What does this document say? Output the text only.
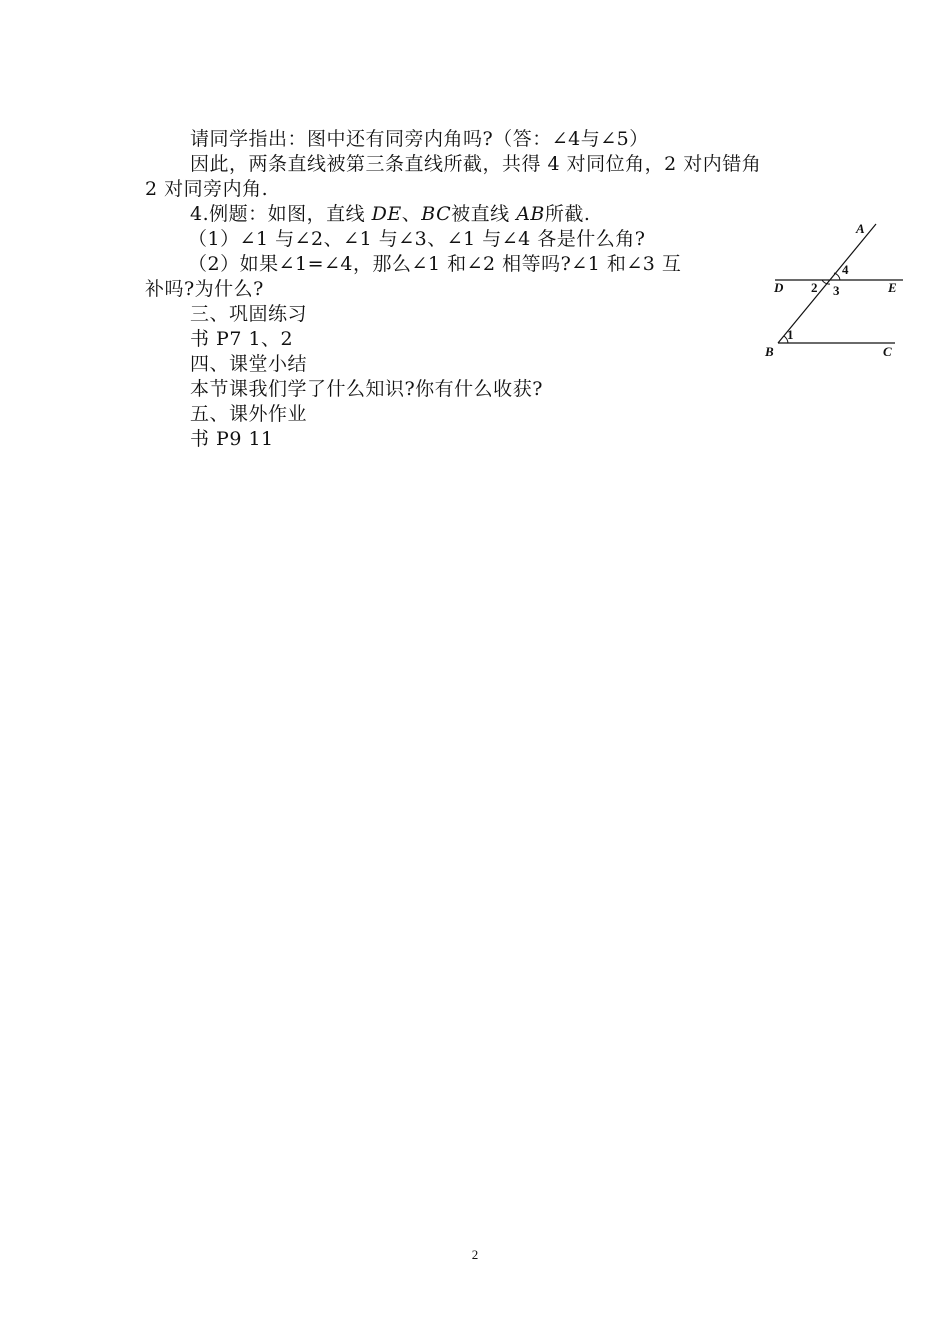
请同学指出：图中还有同旁内角吗?（答：∠4与∠5）
因此，两条直线被第三条直线所截，共得 4 对同位角，2 对内错角
2 对同旁内角.
4.例题：如图，直线 DE、BC被直线 AB所截.
（1）∠1 与∠2、∠1 与∠3、∠1 与∠4 各是什么角?
（2）如果∠1=∠4，那么∠1 和∠2 相等吗?∠1 和∠3 互
补吗?为什么?
三、巩固练习
书 P7 1、2
四、课堂小结
本节课我们学了什么知识?你有什么收获?
五、课外作业
书 P9 11
A
D	E
B	C
1
2 3
4
2
